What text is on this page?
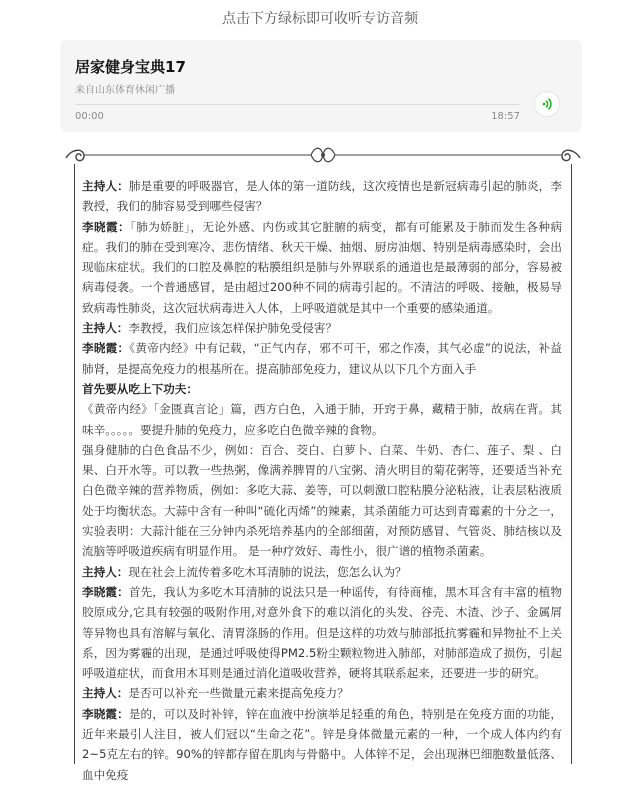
点击下方绿标即可收听专访音频
居家健身宝典17
来自山东体育休闲广播
00:00	18:57

主持人：肺是重要的呼吸器官，是人体的第一道防线，这次疫情也是新冠病毒引起的肺炎，李教授，我们的肺容易受到哪些侵害？

李晓霞：「肺为娇脏」，无论外感、内伤或其它脏腑的病变，都有可能累及于肺而发生各种病症。我们的肺在受到寒冷、悲伤情绪、秋天干燥、抽烟、厨房油烟、特别是病毒感染时，会出现临床症状。我们的口腔及鼻腔的粘膜组织是肺与外界联系的通道也是最薄弱的部分，容易被病毒侵袭。一个普通感冒，是由超过200种不同的病毒引起的。不清洁的呼吸、接触，极易导致病毒性肺炎，这次冠状病毒进入人体，上呼吸道就是其中一个重要的感染通道。

主持人：李教授，我们应该怎样保护肺免受侵害？

李晓霞：《黄帝内经》中有记载，“正气内存，邪不可干，邪之作凑，其气必虚”的说法，补益肺肾，是提高免疫力的根基所在。提高肺部免疫力，建议从以下几个方面入手

首先要从吃上下功夫：

《黄帝内经》「金匮真言论」篇，西方白色，入通于肺，开窍于鼻，藏精于肺，故病在背。其味辛。。。。。要提升肺的免疫力，应多吃白色微辛辣的食物。

强身健肺的白色食品不少，例如：百合、茭白、白萝卜、白菜、牛奶、杏仁、莲子、梨 、白果、白开水等。可以教一些热粥，像满养脾胃的八宝粥、清火明目的菊花粥等，还要适当补充白色微辛辣的营养物质，例如：多吃大蒜、姜等，可以刺激口腔粘膜分泌粘液，让表层粘液质处于均衡状态。大蒜中含有一种叫“硫化丙烯”的辣素，其杀菌能力可达到青霉素的十分之一，实验表明：大蒜汁能在三分钟内杀死培养基内的全部细菌，对预防感冒、气管炎、肺结核以及流脑等呼吸道疾病有明显作用。 是一种疗效好、毒性小，很广谱的植物杀菌素。

主持人：现在社会上流传着多吃木耳清肺的说法，您怎么认为？

李晓霞：首先，我认为多吃木耳清肺的说法只是一种谣传，有待商榷，黑木耳含有丰富的植物胶原成分,它具有较强的吸附作用,对意外食下的难以消化的头发、谷壳、木渣、沙子、金属屑等异物也具有溶解与氧化、清胃涤肠的作用。但是这样的功效与肺部抵抗雾霾和异物扯不上关系，因为雾霾的出现，是通过呼吸使得PM2.5粉尘颗粒物进入肺部，对肺部造成了损伤，引起呼吸道症状，而食用木耳则是通过消化道吸收营养，硬将其联系起来，还要进一步的研究。

主持人：是否可以补充一些微量元素来提高免疫力？

李晓霞：是的，可以及时补锌，锌在血液中扮演举足轻重的角色，特别是在免疫方面的功能，近年来最引人注目，被人们冠以“生命之花”。锌是身体微量元素的一种，一个成人体内约有2~5克左右的锌。90%的锌都存留在肌肉与骨骼中。人体锌不足，会出现淋巴细胞数量低落、血中免疫
